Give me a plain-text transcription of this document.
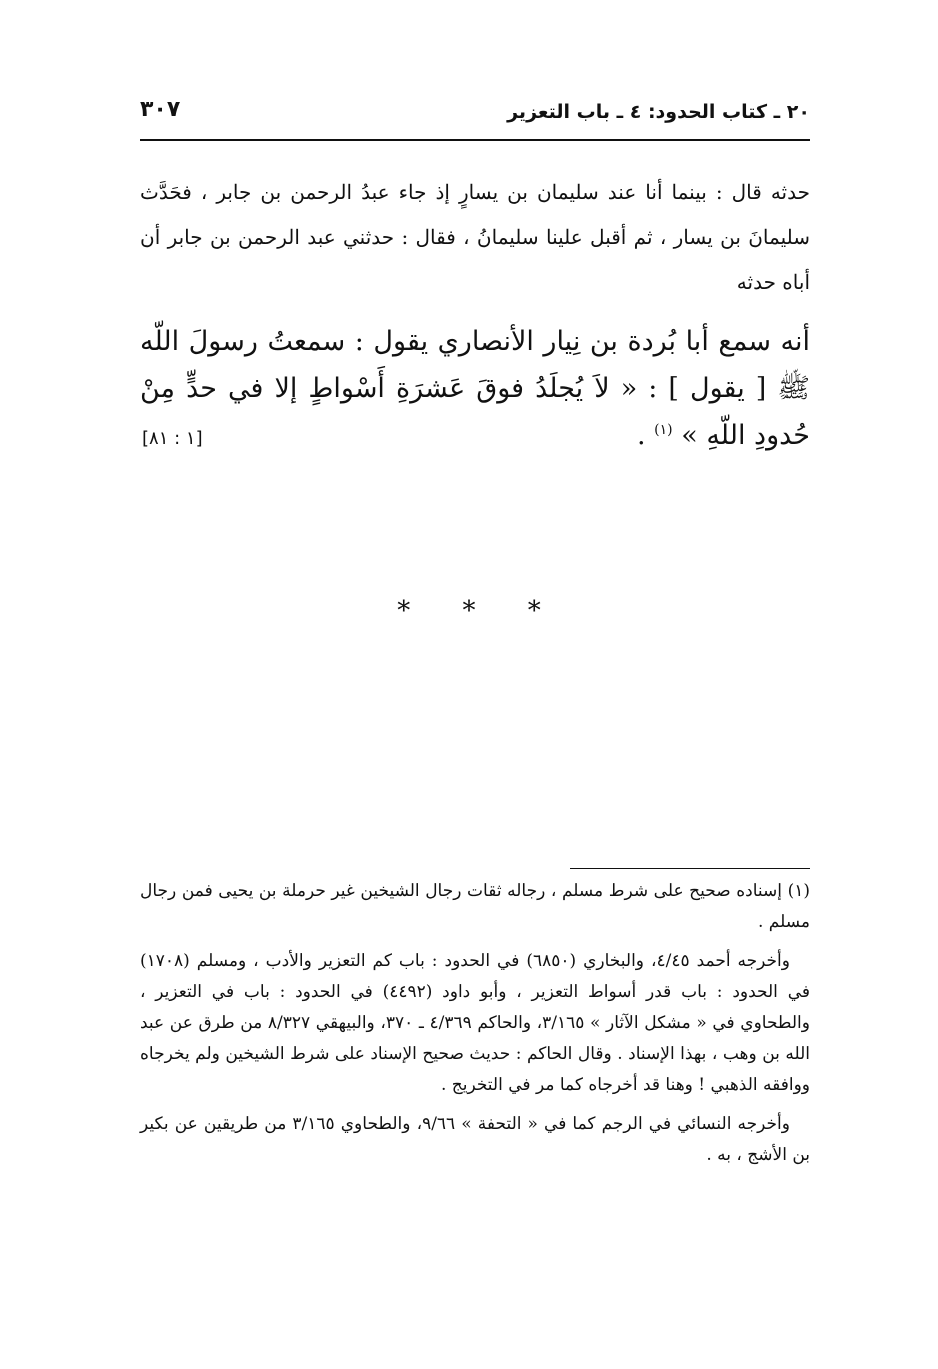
٢٠ ـ كتاب الحدود: ٤ ـ باب التعزير
٣٠٧

حدثه قال : بينما أنا عند سليمان بن يسارٍ إذ جاء عبدُ الرحمن بن جابر ، فحَدَّث سليمانَ بن يسار ، ثم أقبل علينا سليمانُ ، فقال : حدثني عبد الرحمن بن جابر أن أباه حدثه

أنه سمع أبا بُردة بن نِيار الأنصاري يقول : سمعتُ رسولَ اللّه ﷺ [ يقول ] : « لاَ يُجلَدُ فوقَ عَشرَةِ أَسْواطٍ إلا في حدٍّ مِنْ حُدودِ اللّهِ » $^{(١)}$ .

[١ : ٨١]
* * *

(١) إسناده صحيح على شرط مسلم ، رجاله ثقات رجال الشيخين غير حرملة بن يحيى فمن رجال مسلم .

وأخرجه أحمد ٤/٤٥، والبخاري (٦٨٥٠) في الحدود : باب كم التعزير والأدب ، ومسلم (١٧٠٨) في الحدود : باب قدر أسواط التعزير ، وأبو داود (٤٤٩٢) في الحدود : باب في التعزير ، والطحاوي في « مشكل الآثار » ٣/١٦٥، والحاكم ٤/٣٦٩ ـ ٣٧٠، والبيهقي ٨/٣٢٧ من طرق عن عبد الله بن وهب ، بهذا الإسناد . وقال الحاكم : حديث صحيح الإسناد على شرط الشيخين ولم يخرجاه ووافقه الذهبي ! وهنا قد أخرجاه كما مر في التخريج .

وأخرجه النسائي في الرجم كما في « التحفة » ٩/٦٦، والطحاوي ٣/١٦٥ من طريقين عن بكير بن الأشج ، به .
